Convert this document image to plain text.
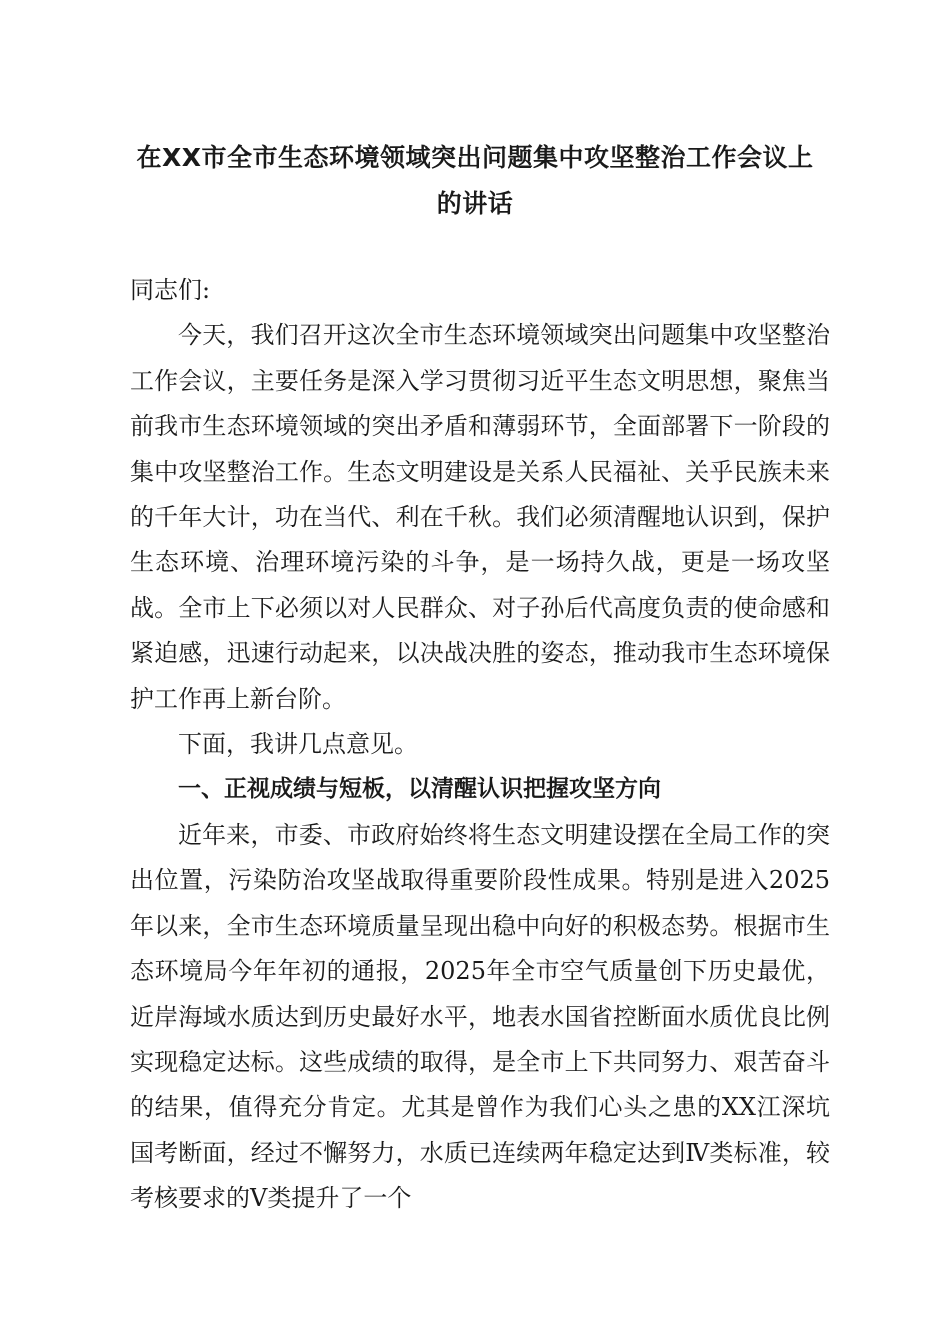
在XX市全市生态环境领域突出问题集中攻坚整治工作会议上
的讲话

同志们:

今天，我们召开这次全市生态环境领域突出问题集中攻坚整治工作会议，主要任务是深入学习贯彻习近平生态文明思想，聚焦当前我市生态环境领域的突出矛盾和薄弱环节，全面部署下一阶段的集中攻坚整治工作。生态文明建设是关系人民福祉、关乎民族未来的千年大计，功在当代、利在千秋。我们必须清醒地认识到，保护生态环境、治理环境污染的斗争，是一场持久战，更是一场攻坚战。全市上下必须以对人民群众、对子孙后代高度负责的使命感和紧迫感，迅速行动起来，以决战决胜的姿态，推动我市生态环境保护工作再上新台阶。

下面，我讲几点意见。

一、正视成绩与短板，以清醒认识把握攻坚方向

近年来，市委、市政府始终将生态文明建设摆在全局工作的突出位置，污染防治攻坚战取得重要阶段性成果。特别是进入2025年以来，全市生态环境质量呈现出稳中向好的积极态势。根据市生态环境局今年年初的通报，2025年全市空气质量创下历史最优，近岸海域水质达到历史最好水平，地表水国省控断面水质优良比例实现稳定达标。这些成绩的取得，是全市上下共同努力、艰苦奋斗的结果，值得充分肯定。尤其是曾作为我们心头之患的XX江深坑国考断面，经过不懈努力，水质已连续两年稳定达到Ⅳ类标准，较考核要求的Ⅴ类提升了一个
